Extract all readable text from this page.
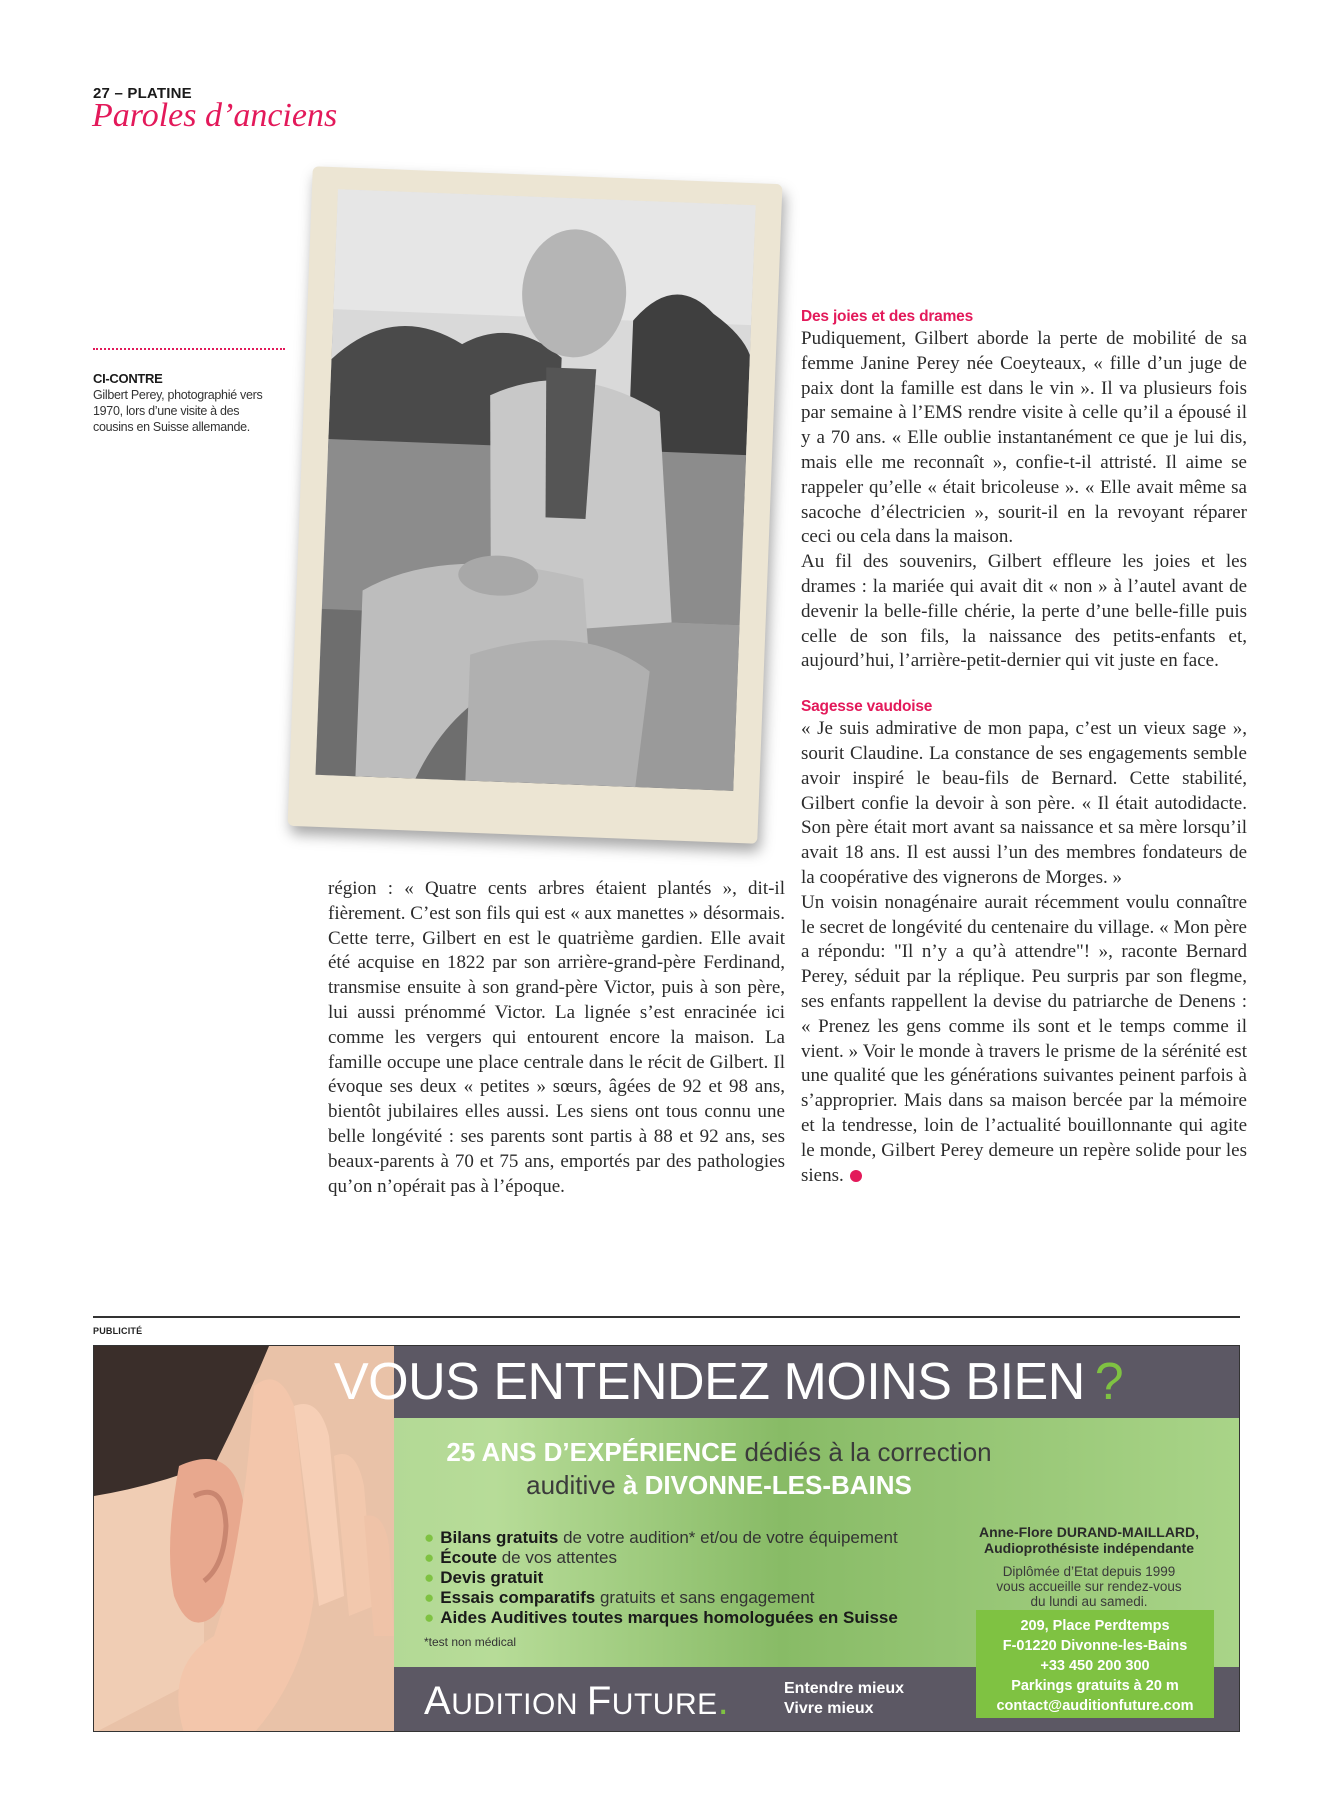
27 – PLATINE
Paroles d’anciens
CI-CONTRE
Gilbert Perey, photographié vers 1970, lors d’une visite à des cousins en Suisse allemande.

région : « Quatre cents arbres étaient plantés », dit-il fièrement. C’est son fils qui est « aux manettes » désormais.

Cette terre, Gilbert en est le quatrième gardien. Elle avait été acquise en 1822 par son arrière-grand-père Ferdinand, transmise ensuite à son grand-père Victor, puis à son père, lui aussi prénommé Victor. La lignée s’est enracinée ici comme les vergers qui entourent encore la maison. La famille occupe une place centrale dans le récit de Gilbert. Il évoque ses deux « petites » sœurs, âgées de 92 et 98 ans, bientôt jubilaires elles aussi. Les siens ont tous connu une belle longévité : ses parents sont partis à 88 et 92 ans, ses beaux-parents à 70 et 75 ans, emportés par des pathologies qu’on n’opérait pas à l’époque.

Des joies et des drames

Pudiquement, Gilbert aborde la perte de mobilité de sa femme Janine Perey née Coeyteaux, « fille d’un juge de paix dont la famille est dans le vin ». Il va plusieurs fois par semaine à l’EMS rendre visite à celle qu’il a épousé il y a 70 ans. « Elle oublie instantanément ce que je lui dis, mais elle me reconnaît », confie-t-il attristé. Il aime se rappeler qu’elle « était bricoleuse ». « Elle avait même sa sacoche d’électricien », sourit-il en la revoyant réparer ceci ou cela dans la maison.

Au fil des souvenirs, Gilbert effleure les joies et les drames : la mariée qui avait dit « non » à l’autel avant de devenir la belle-fille chérie, la perte d’une belle-fille puis celle de son fils, la naissance des petits-enfants et, aujourd’hui, l’arrière-petit-dernier qui vit juste en face.

Sagesse vaudoise

« Je suis admirative de mon papa, c’est un vieux sage », sourit Claudine. La constance de ses engagements semble avoir inspiré le beau-fils de Bernard. Cette stabilité, Gilbert confie la devoir à son père. « Il était autodidacte. Son père était mort avant sa naissance et sa mère lorsqu’il avait 18 ans. Il est aussi l’un des membres fondateurs de la coopérative des vignerons de Morges. »

Un voisin nonagénaire aurait récemment voulu connaître le secret de longévité du centenaire du village. « Mon père a répondu: "Il n’y a qu’à attendre"! », raconte Bernard Perey, séduit par la réplique. Peu surpris par son flegme, ses enfants rappellent la devise du patriarche de Denens : « Prenez les gens comme ils sont et le temps comme il vient. » Voir le monde à travers le prisme de la sérénité est une qualité que les générations suivantes peinent parfois à s’approprier. Mais dans sa maison bercée par la mémoire et la tendresse, loin de l’actualité bouillonnante qui agite le monde, Gilbert Perey demeure un repère solide pour les siens.

PUBLICITÉ
VOUS ENTENDEZ MOINS BIEN ?
25 ANS D’EXPÉRIENCE dédiés à la correction
auditive à DIVONNE-LES-BAINS
● Bilans gratuits de votre audition* et/ou de votre équipement
● Écoute de vos attentes
● Devis gratuit
● Essais comparatifs gratuits et sans engagement
● Aides Auditives toutes marques homologuées en Suisse
*test non médical
Anne-Flore DURAND-MAILLARD,
Audioprothésiste indépendante
Diplômée d’Etat depuis 1999
vous accueille sur rendez-vous
du lundi au samedi.
209, Place Perdtemps
F-01220 Divonne-les-Bains
+33 450 200 300
Parkings gratuits à 20 m
contact@auditionfuture.com
AUDITION FUTURE.	Entendre mieux
Vivre mieux
